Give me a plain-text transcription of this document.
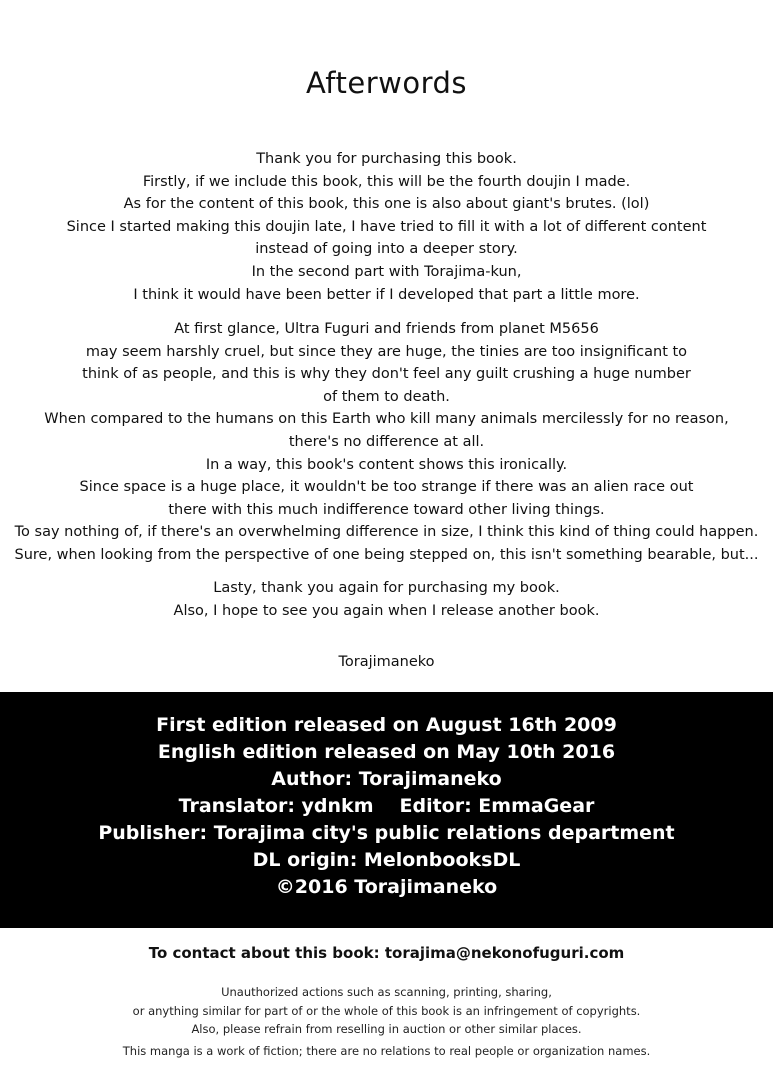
Afterwords
Thank you for purchasing this book.
Firstly, if we include this book, this will be the fourth doujin I made.
As for the content of this book, this one is also about giant's brutes. (lol)
Since I started making this doujin late, I have tried to fill it with a lot of different content
instead of going into a deeper story.
In the second part with Torajima-kun,
I think it would have been better if I developed that part a little more.
At first glance, Ultra Fuguri and friends from planet M5656
may seem harshly cruel, but since they are huge, the tinies are too insignificant to
think of as people, and this is why they don't feel any guilt crushing a huge number
of them to death.
When compared to the humans on this Earth who kill many animals mercilessly for no reason,
there's no difference at all.
In a way, this book's content shows this ironically.
Since space is a huge place, it wouldn't be too strange if there was an alien race out
there with this much indifference toward other living things.
To say nothing of, if there's an overwhelming difference in size, I think this kind of thing could happen.
Sure, when looking from the perspective of one being stepped on, this isn't something bearable, but...
Lasty, thank you again for purchasing my book.
Also, I hope to see you again when I release another book.
Torajimaneko
First edition released on August 16th 2009
English edition released on May 10th 2016
Author: Torajimaneko
Translator: ydnkm Editor: EmmaGear
Publisher: Torajima city's public relations department
DL origin: MelonbooksDL
©2016 Torajimaneko
To contact about this book: torajima@nekonofuguri.com
Unauthorized actions such as scanning, printing, sharing,
or anything similar for part of or the whole of this book is an infringement of copyrights.
Also, please refrain from reselling in auction or other similar places.
This manga is a work of fiction; there are no relations to real people or organization names.
